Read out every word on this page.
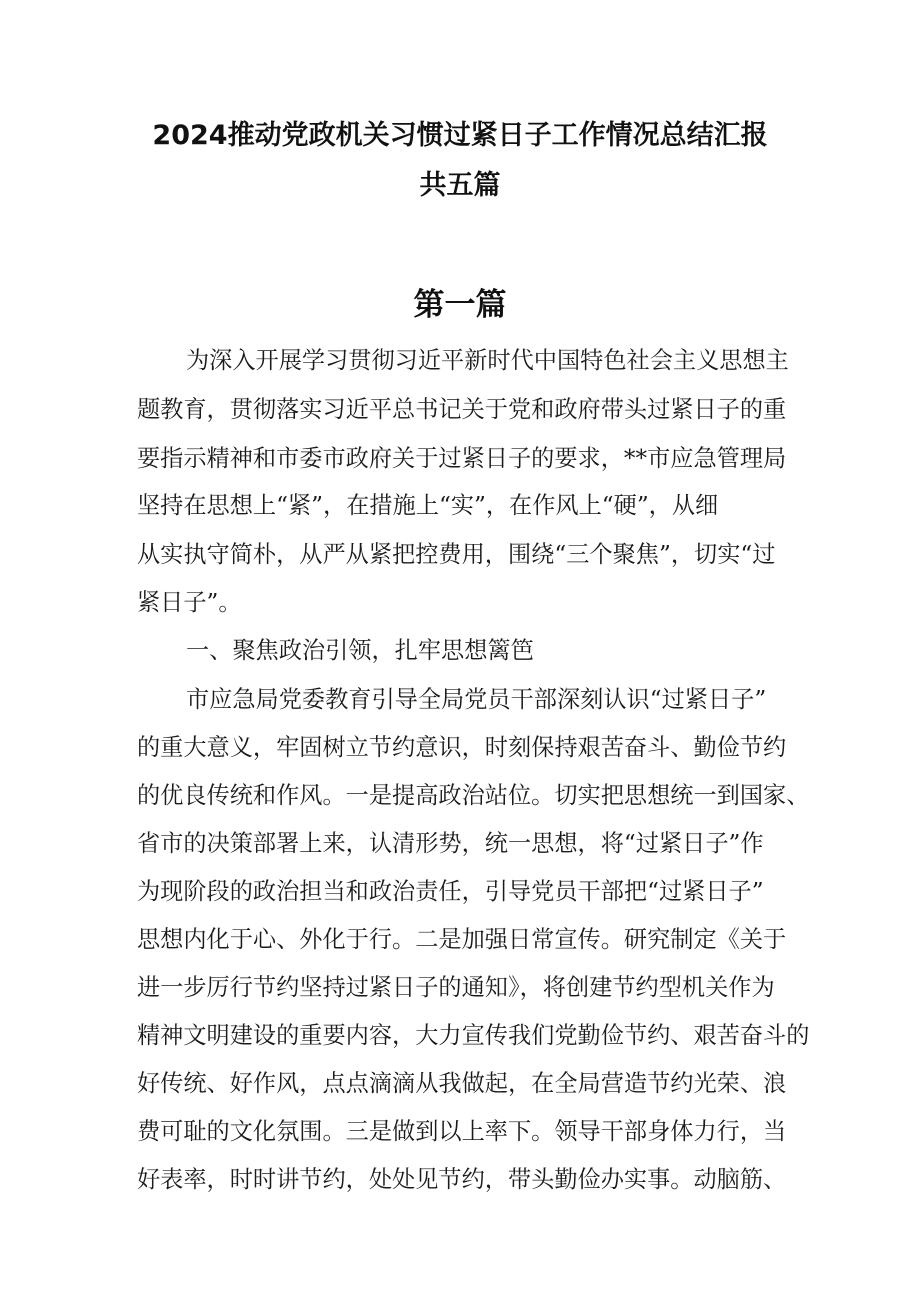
2024推动党政机关习惯过紧日子工作情况总结汇报
共五篇
第一篇

为深入开展学习贯彻习近平新时代中国特色社会主义思想主

题教育，贯彻落实习近平总书记关于党和政府带头过紧日子的重

要指示精神和市委市政府关于过紧日子的要求，**市应急管理局

坚持在思想上“紧”，在措施上“实”，在作风上“硬”，从细

从实执守简朴，从严从紧把控费用，围绕“三个聚焦”，切实“过

紧日子”。

一、聚焦政治引领，扎牢思想篱笆

市应急局党委教育引导全局党员干部深刻认识“过紧日子”

的重大意义，牢固树立节约意识，时刻保持艰苦奋斗、勤俭节约

的优良传统和作风。一是提高政治站位。切实把思想统一到国家、

省市的决策部署上来，认清形势，统一思想，将“过紧日子”作

为现阶段的政治担当和政治责任，引导党员干部把“过紧日子”

思想内化于心、外化于行。二是加强日常宣传。研究制定《关于

进一步厉行节约坚持过紧日子的通知》，将创建节约型机关作为

精神文明建设的重要内容，大力宣传我们党勤俭节约、艰苦奋斗的

好传统、好作风，点点滴滴从我做起，在全局营造节约光荣、浪

费可耻的文化氛围。三是做到以上率下。领导干部身体力行，当

好表率，时时讲节约，处处见节约，带头勤俭办实事。动脑筋、
